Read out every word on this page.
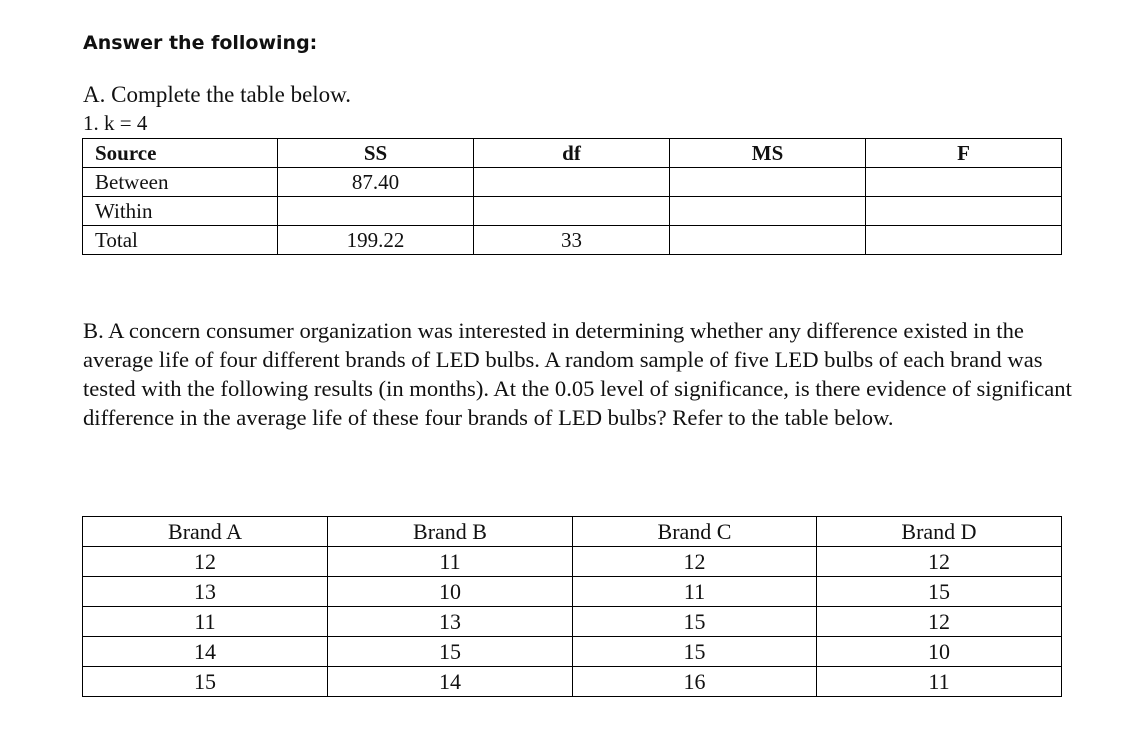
Answer the following:

A. Complete the table below.

1. k = 4

Source	SS	df	MS	F
Between	87.40			
Within				
Total	199.22	33		

B. A concern consumer organization was interested in determining whether any difference existed in the average life of four different brands of LED bulbs. A random sample of five LED bulbs of each brand was tested with the following results (in months). At the 0.05 level of significance, is there evidence of significant difference in the average life of these four brands of LED bulbs? Refer to the table below.

Brand A	Brand B	Brand C	Brand D
12	11	12	12
13	10	11	15
11	13	15	12
14	15	15	10
15	14	16	11
